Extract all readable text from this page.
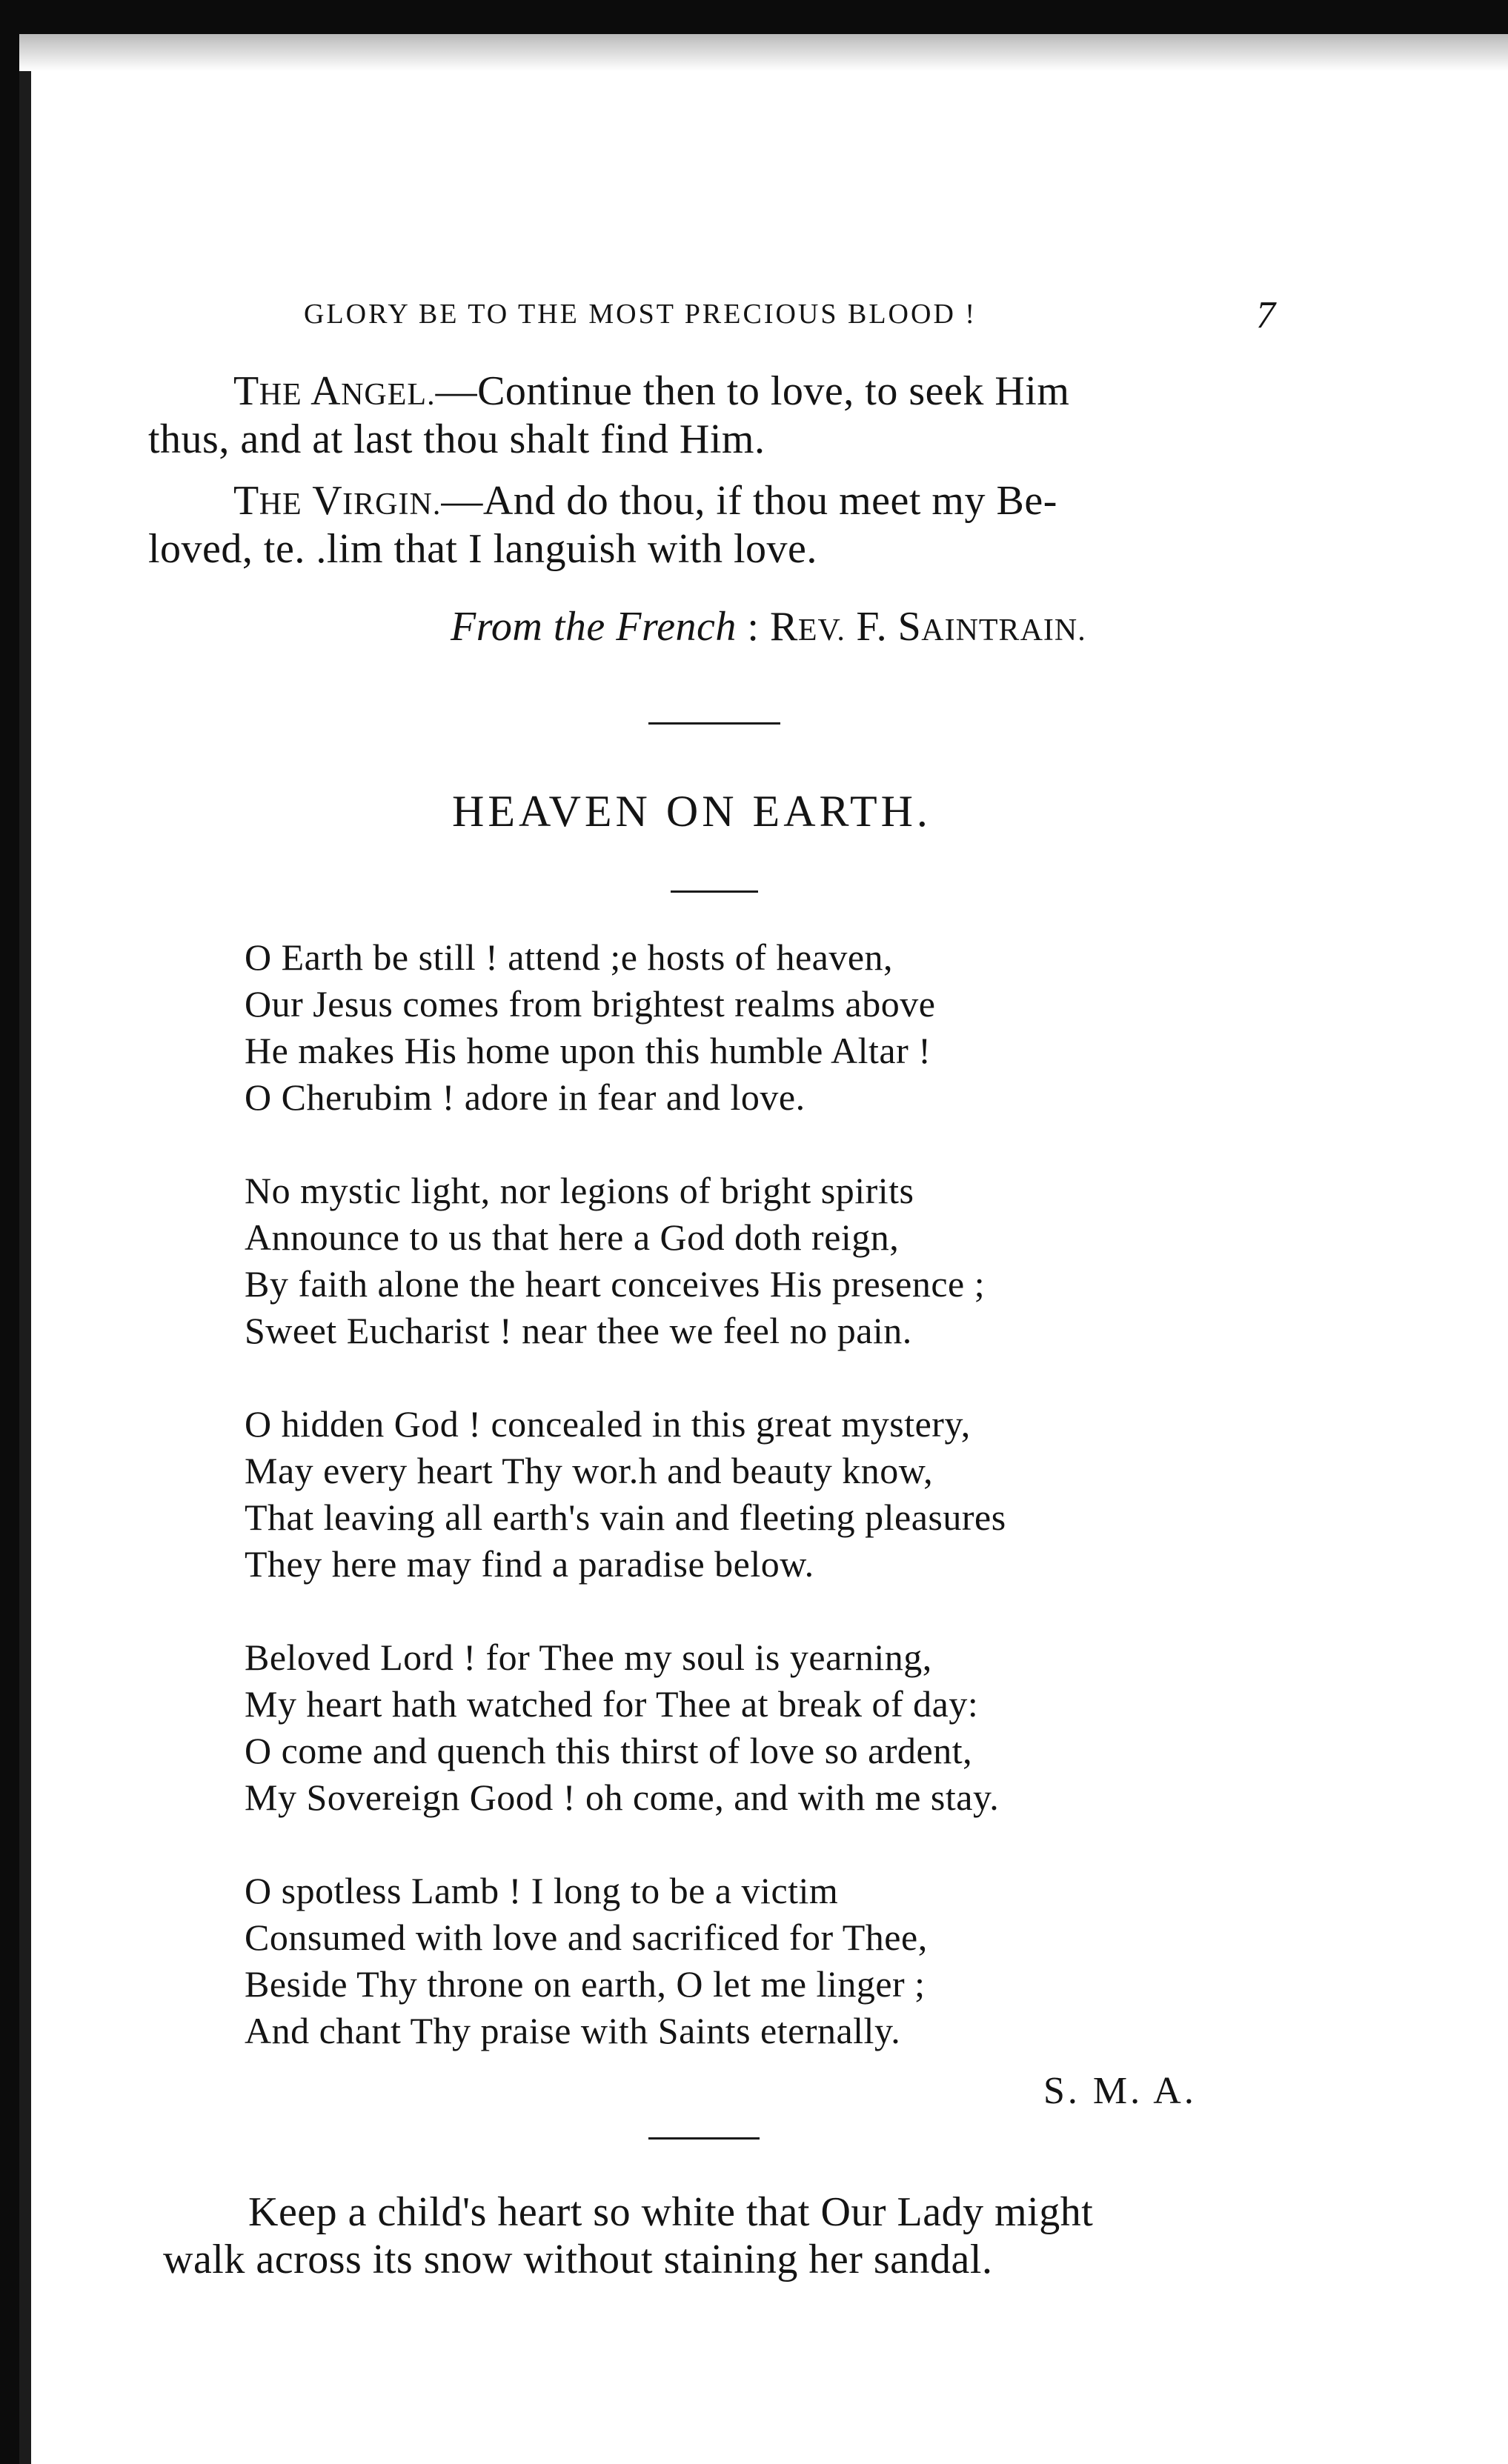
GLORY BE TO THE MOST PRECIOUS BLOOD !	7
THE ANGEL.—Continue then to love, to seek Him
thus, and at last thou shalt find Him.
THE VIRGIN.—And do thou, if thou meet my Be-
loved, te. .lim that I languish with love.
From the French : REV. F. SAINTRAIN.
HEAVEN ON EARTH.
O Earth be still ! attend ;e hosts of heaven,
Our Jesus comes from brightest realms above
He makes His home upon this humble Altar !
O Cherubim ! adore in fear and love.
No mystic light, nor legions of bright spirits
Announce to us that here a God doth reign,
By faith alone the heart conceives His presence ;
Sweet Eucharist ! near thee we feel no pain.
O hidden God ! concealed in this great mystery,
May every heart Thy wor.h and beauty know,
That leaving all earth's vain and fleeting pleasures
They here may find a paradise below.
Beloved Lord ! for Thee my soul is yearning,
My heart hath watched for Thee at break of day:
O come and quench this thirst of love so ardent,
My Sovereign Good ! oh come, and with me stay.
O spotless Lamb ! I long to be a victim
Consumed with love and sacrificed for Thee,
Beside Thy throne on earth, O let me linger ;
And chant Thy praise with Saints eternally.
S. M. A.
Keep a child's heart so white that Our Lady might
walk across its snow without staining her sandal.
